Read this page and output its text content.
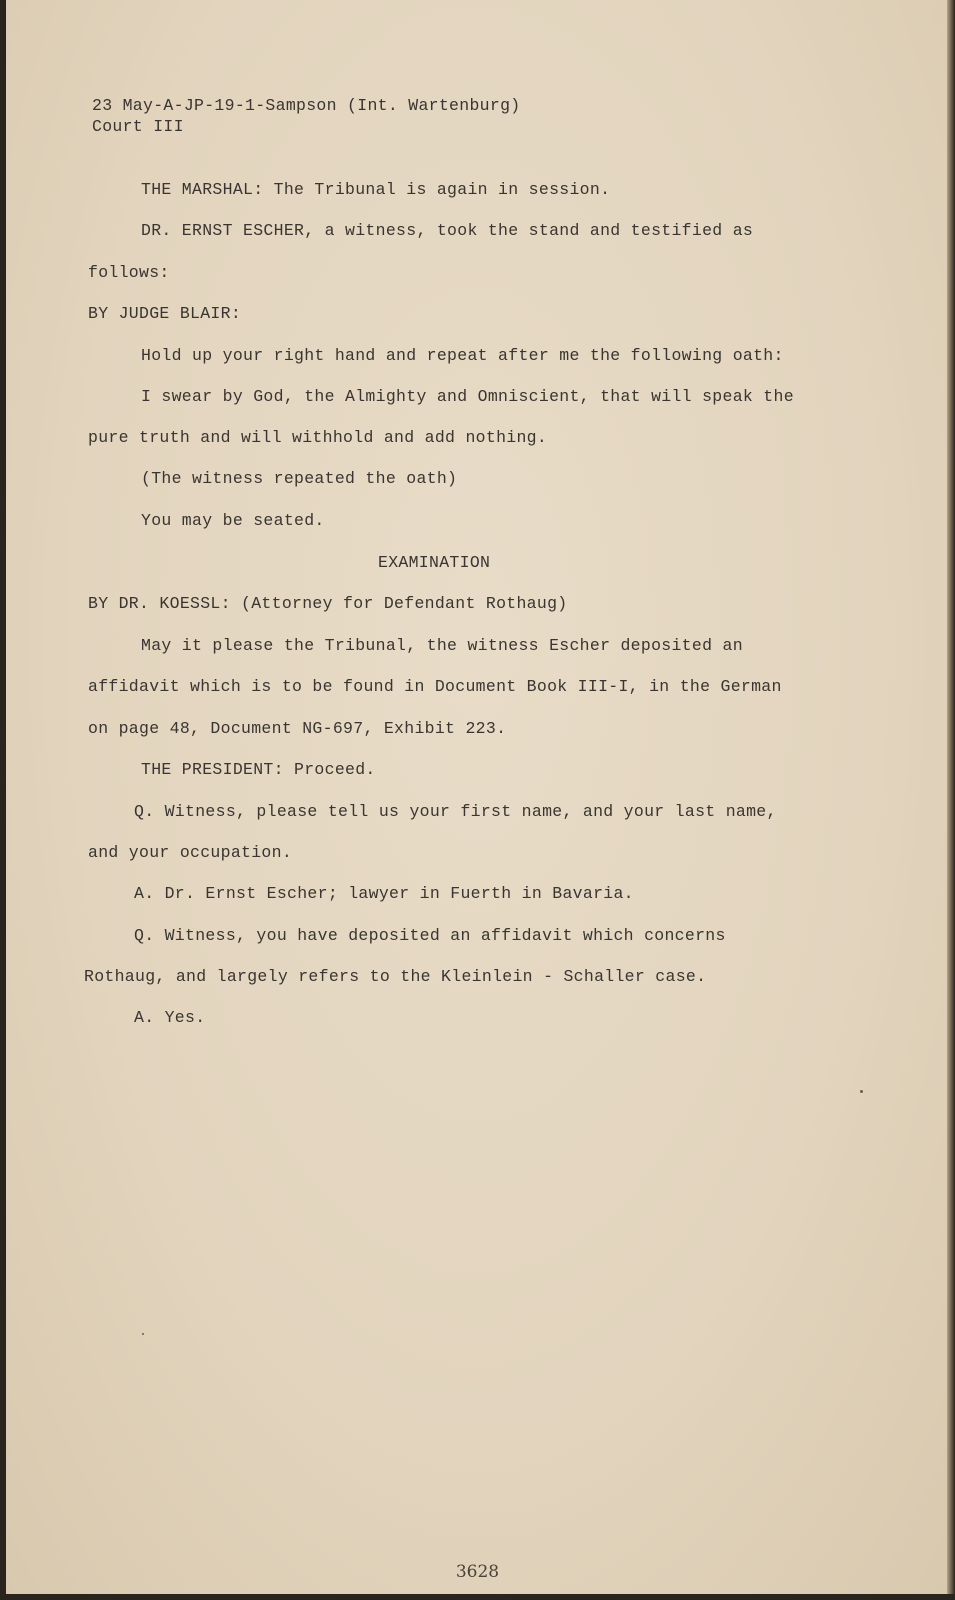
23 May-A-JP-19-1-Sampson (Int. Wartenburg)
Court III
THE MARSHAL: The Tribunal is again in session.
DR. ERNST ESCHER, a witness, took the stand and testified as
follows:
BY JUDGE BLAIR:
Hold up your right hand and repeat after me the following oath:
I swear by God, the Almighty and Omniscient, that will speak the
pure truth and will withhold and add nothing.
(The witness repeated the oath)
You may be seated.
EXAMINATION
BY DR. KOESSL: (Attorney for Defendant Rothaug)
May it please the Tribunal, the witness Escher deposited an
affidavit which is to be found in Document Book III-I, in the German
on page 48, Document NG-697, Exhibit 223.
THE PRESIDENT: Proceed.
Q. Witness, please tell us your first name, and your last name,
and your occupation.
A. Dr. Ernst Escher; lawyer in Fuerth in Bavaria.
Q. Witness, you have deposited an affidavit which concerns
Rothaug, and largely refers to the Kleinlein - Schaller case.
A. Yes.
3628
